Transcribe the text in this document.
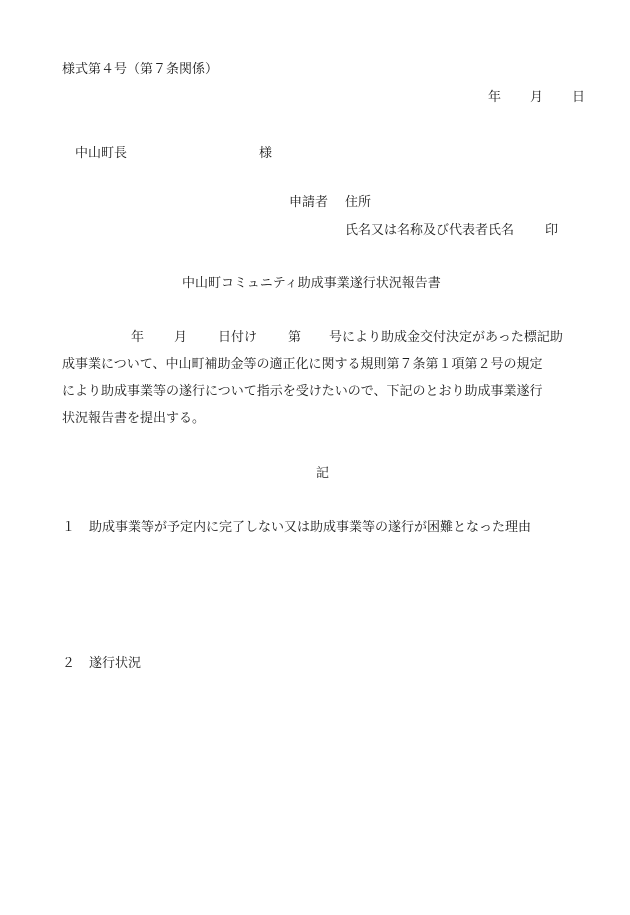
様式第４号（第７条関係）
年 月 日
中山町長	様
申請者 住所
氏名又は名称及び代表者氏名 印
中山町コミュニティ助成事業遂行状況報告書
年 月 日付け 第 号により助成金交付決定があった標記助
成事業について、中山町補助金等の適正化に関する規則第７条第１項第２号の規定
により助成事業等の遂行について指示を受けたいので、下記のとおり助成事業遂行
状況報告書を提出する。
記
１ 助成事業等が予定内に完了しない又は助成事業等の遂行が困難となった理由
２ 遂行状況
